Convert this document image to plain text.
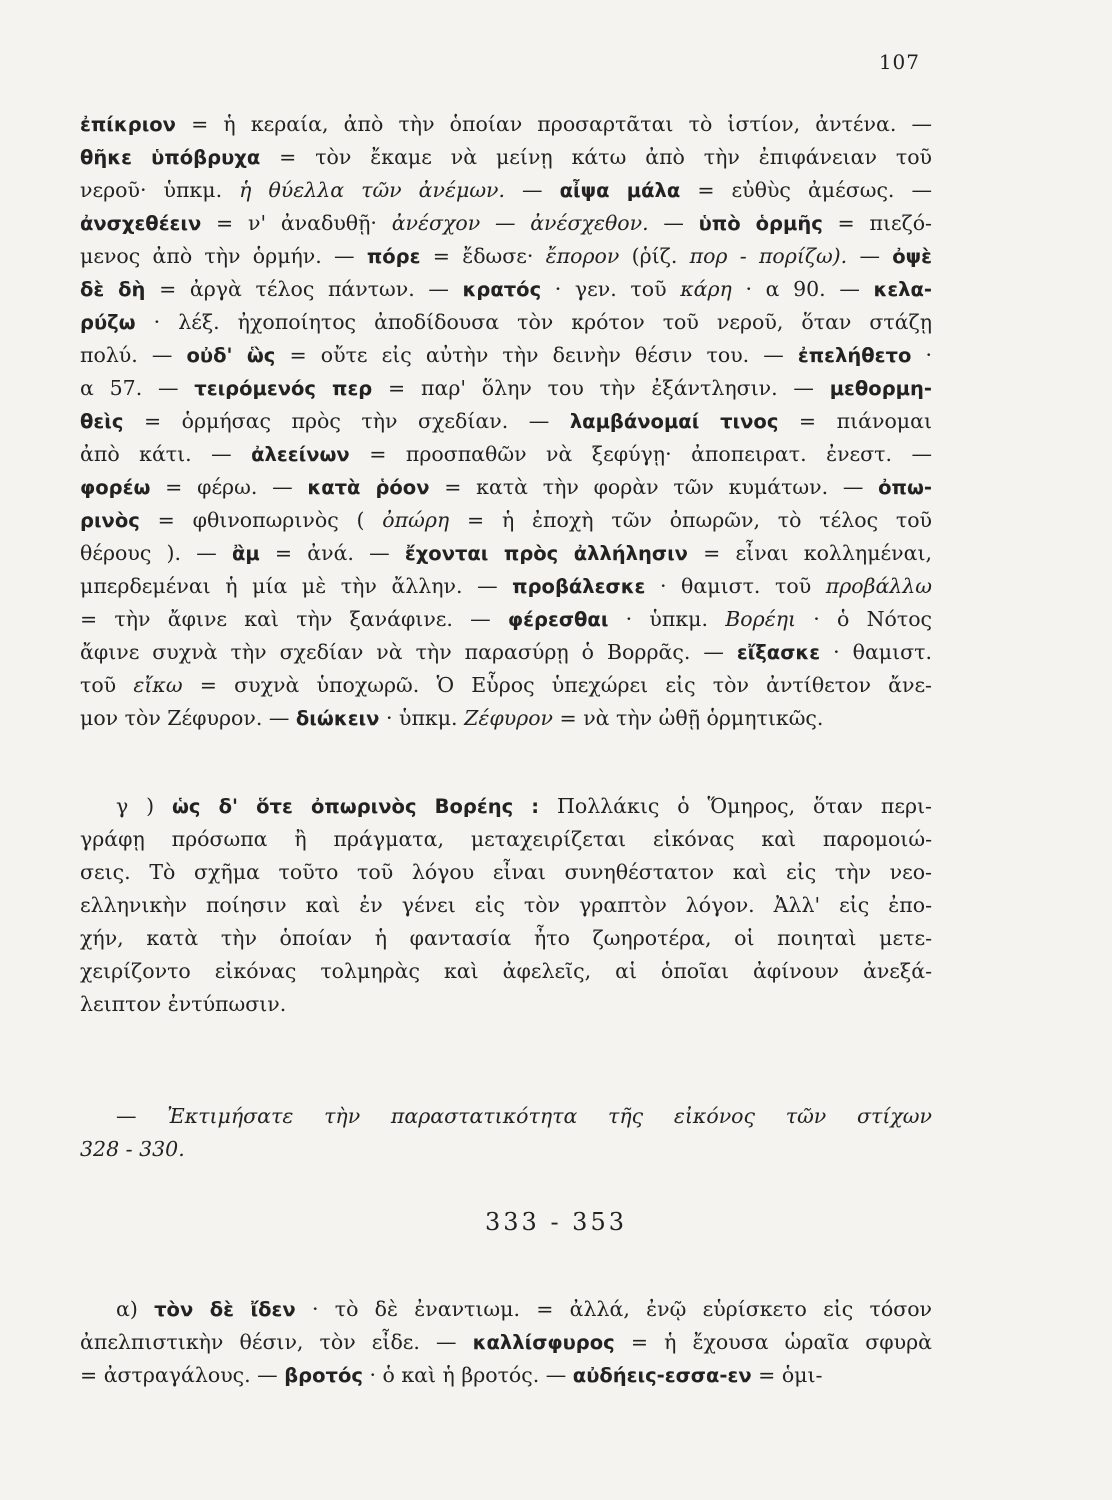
107
ἐπίκριον = ἡ κεραία, ἀπὸ τὴν ὁποίαν προσαρτᾶται τὸ ἱστίον, ἀντένα. —
θῆκε ὑπόβρυχα = τὸν ἔκαμε νὰ μείνῃ κάτω ἀπὸ τὴν ἐπιφάνειαν τοῦ
νεροῦ· ὑπκμ. ἡ θύελλα τῶν ἀνέμων. — αἶψα μάλα = εὐθὺς ἀμέσως. —
ἀνσχεθέειν = ν' ἀναδυθῇ· ἀνέσχον — ἀνέσχεθον. — ὑπὸ ὁρμῆς = πιεζό-
μενος ἀπὸ τὴν ὁρμήν. — πόρε = ἔδωσε· ἔπορον (ῥίζ. πορ - πορίζω). — ὀψὲ
δὲ δὴ = ἀργὰ τέλος πάντων. — κρατός · γεν. τοῦ κάρη · α 90. — κελα-
ρύζω · λέξ. ἠχοποίητος ἀποδίδουσα τὸν κρότον τοῦ νεροῦ, ὅταν στάζῃ
πολύ. — οὐδ' ὣς = οὔτε εἰς αὐτὴν τὴν δεινὴν θέσιν του. — ἐπελήθετο ·
α 57. — τειρόμενός περ = παρ' ὅλην του τὴν ἐξάντλησιν. — μεθορμη-
θεὶς = ὁρμήσας πρὸς τὴν σχεδίαν. — λαμβάνομαί τινος = πιάνομαι
ἀπὸ κάτι. — ἀλεείνων = προσπαθῶν νὰ ξεφύγῃ· ἀποπειρατ. ἐνεστ. —
φορέω = φέρω. — κατὰ ῥόον = κατὰ τὴν φορὰν τῶν κυμάτων. — ὀπω-
ρινὸς = φθινοπωρινὸς ( ὀπώρη = ἡ ἐποχὴ τῶν ὀπωρῶν, τὸ τέλος τοῦ
θέρους ). — ἂμ = ἀνά. — ἔχονται πρὸς ἀλλήλησιν = εἶναι κολλημέναι,
μπερδεμέναι ἡ μία μὲ τὴν ἄλλην. — προβάλεσκε · θαμιστ. τοῦ προβάλλω
= τὴν ἄφινε καὶ τὴν ξανάφινε. — φέρεσθαι · ὑπκμ. Βορέηι · ὁ Νότος
ἄφινε συχνὰ τὴν σχεδίαν νὰ τὴν παρασύρῃ ὁ Βορρᾶς. — εἴξασκε · θαμιστ.
τοῦ εἴκω = συχνὰ ὑποχωρῶ. Ὁ Εὗρος ὑπεχώρει εἰς τὸν ἀντίθετον ἄνε-
μον τὸν Ζέφυρον. — διώκειν · ὑπκμ. Ζέφυρον = νὰ τὴν ὠθῇ ὁρμητικῶς.
γ ) ὡς δ' ὅτε ὀπωρινὸς Βορέης : Πολλάκις ὁ Ὅμηρος, ὅταν περι-
γράφῃ πρόσωπα ἢ πράγματα, μεταχειρίζεται εἰκόνας καὶ παρομοιώ-
σεις. Τὸ σχῆμα τοῦτο τοῦ λόγου εἶναι συνηθέστατον καὶ εἰς τὴν νεο-
ελληνικὴν ποίησιν καὶ ἐν γένει εἰς τὸν γραπτὸν λόγον. Ἀλλ' εἰς ἐπο-
χήν, κατὰ τὴν ὁποίαν ἡ φαντασία ἦτο ζωηροτέρα, οἱ ποιηταὶ μετε-
χειρίζοντο εἰκόνας τολμηρὰς καὶ ἀφελεῖς, αἱ ὁποῖαι ἀφίνουν ἀνεξά-
λειπτον ἐντύπωσιν.
— Ἐκτιμήσατε τὴν παραστατικότητα τῆς εἰκόνος τῶν στίχων
328 - 330.
333 - 353
α) τὸν δὲ ἴδεν · τὸ δὲ ἐναντιωμ. = ἀλλά, ἐνῷ εὑρίσκετο εἰς τόσον
ἀπελπιστικὴν θέσιν, τὸν εἶδε. — καλλίσφυρος = ἡ ἔχουσα ὡραῖα σφυρὰ
= ἀστραγάλους. — βροτός · ὁ καὶ ἡ βροτός. — αὐδήεις-εσσα-εν = ὁμι-
